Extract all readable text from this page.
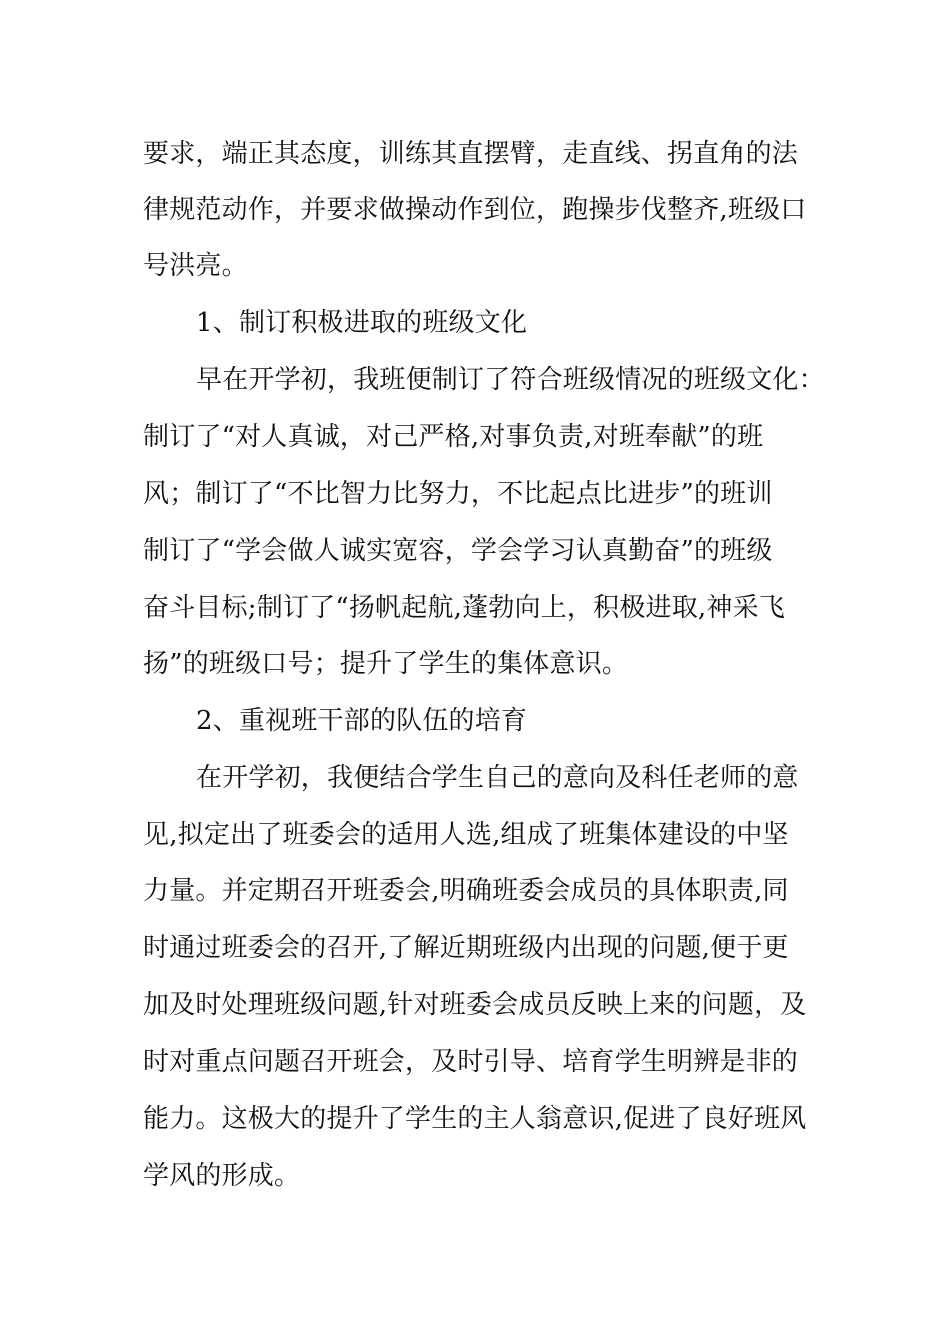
要求，端正其态度，训练其直摆臂，走直线、拐直角的法
律规范动作，并要求做操动作到位，跑操步伐整齐,班级口
号洪亮。
1、制订积极进取的班级文化
早在开学初，我班便制订了符合班级情况的班级文化：
制订了“对人真诚，对己严格,对事负责,对班奉献”的班
风；制订了“不比智力比努力，不比起点比进步”的班训
制订了“学会做人诚实宽容，学会学习认真勤奋”的班级
奋斗目标;制订了“扬帆起航,蓬勃向上，积极进取,神采飞
扬”的班级口号；提升了学生的集体意识。
2、重视班干部的队伍的培育
在开学初，我便结合学生自己的意向及科任老师的意
见,拟定出了班委会的适用人选,组成了班集体建设的中坚
力量。并定期召开班委会,明确班委会成员的具体职责,同
时通过班委会的召开,了解近期班级内出现的问题,便于更
加及时处理班级问题,针对班委会成员反映上来的问题，及
时对重点问题召开班会，及时引导、培育学生明辨是非的
能力。这极大的提升了学生的主人翁意识,促进了良好班风
学风的形成。
